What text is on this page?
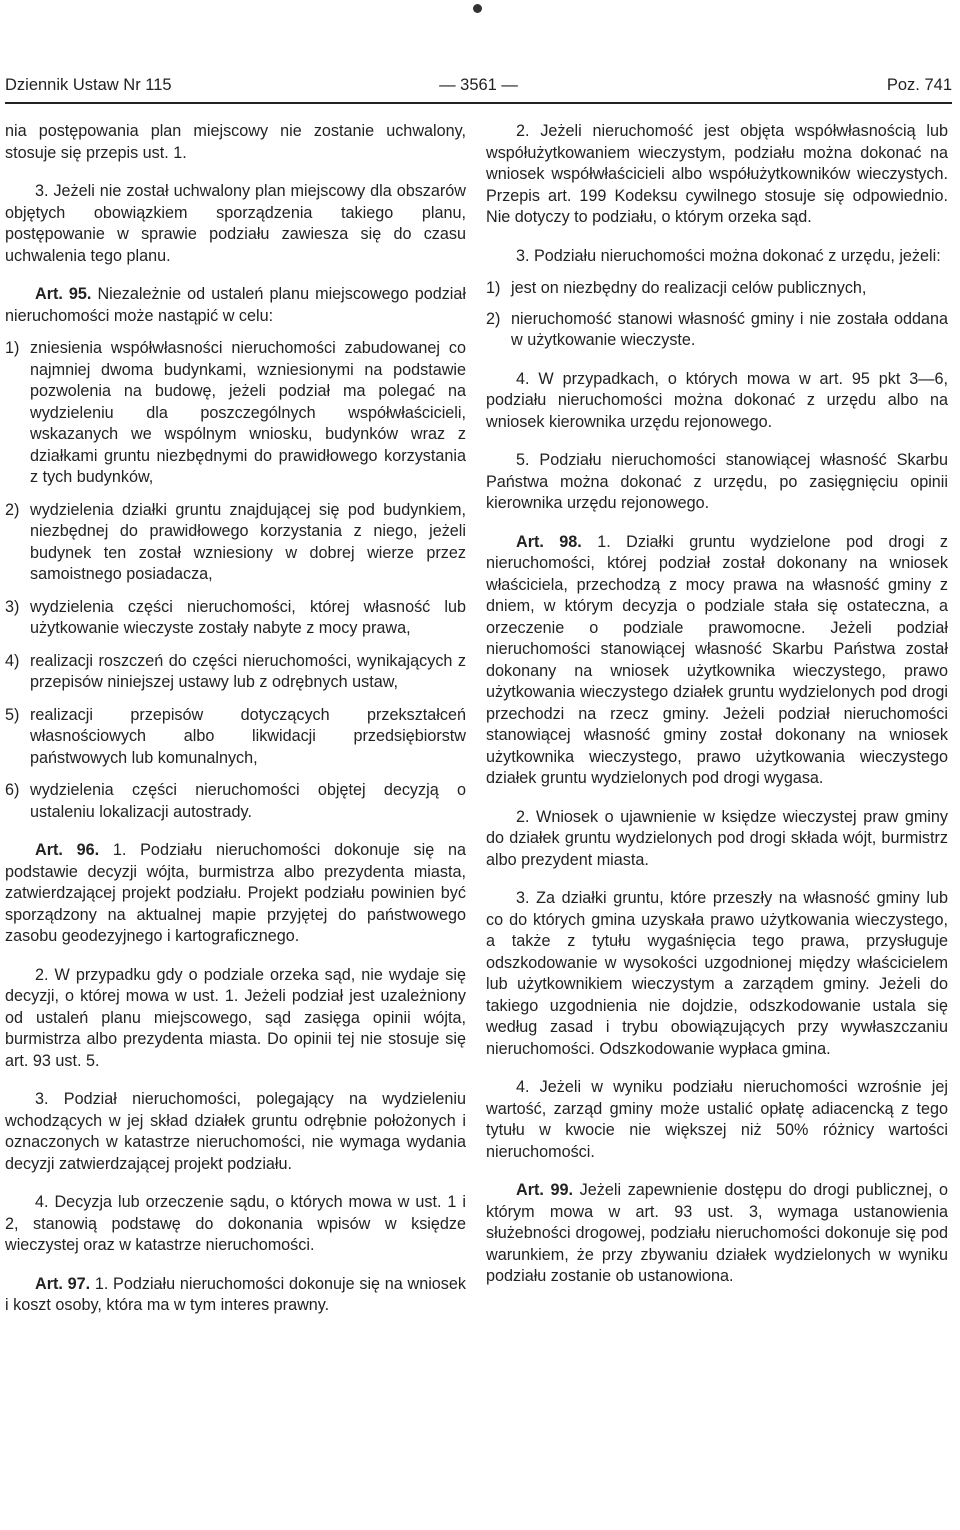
Dziennik Ustaw Nr 115	— 3561 —	Poz. 741

nia postępowania plan miejscowy nie zostanie uchwalony, stosuje się przepis ust. 1.

3. Jeżeli nie został uchwalony plan miejscowy dla obszarów objętych obowiązkiem sporządzenia takiego planu, postępowanie w sprawie podziału zawiesza się do czasu uchwalenia tego planu.

Art. 95. Niezależnie od ustaleń planu miejscowego podział nieruchomości może nastąpić w celu:

1) zniesienia współwłasności nieruchomości zabudowanej co najmniej dwoma budynkami, wzniesionymi na podstawie pozwolenia na budowę, jeżeli podział ma polegać na wydzieleniu dla poszczególnych współwłaścicieli, wskazanych we wspólnym wniosku, budynków wraz z działkami gruntu niezbędnymi do prawidłowego korzystania z tych budynków,
2) wydzielenia działki gruntu znajdującej się pod budynkiem, niezbędnej do prawidłowego korzystania z niego, jeżeli budynek ten został wzniesiony w dobrej wierze przez samoistnego posiadacza,
3) wydzielenia części nieruchomości, której własność lub użytkowanie wieczyste zostały nabyte z mocy prawa,
4) realizacji roszczeń do części nieruchomości, wynikających z przepisów niniejszej ustawy lub z odrębnych ustaw,
5) realizacji przepisów dotyczących przekształceń własnościowych albo likwidacji przedsiębiorstw państwowych lub komunalnych,
6) wydzielenia części nieruchomości objętej decyzją o ustaleniu lokalizacji autostrady.

Art. 96. 1. Podziału nieruchomości dokonuje się na podstawie decyzji wójta, burmistrza albo prezydenta miasta, zatwierdzającej projekt podziału. Projekt podziału powinien być sporządzony na aktualnej mapie przyjętej do państwowego zasobu geodezyjnego i kartograficznego.

2. W przypadku gdy o podziale orzeka sąd, nie wydaje się decyzji, o której mowa w ust. 1. Jeżeli podział jest uzależniony od ustaleń planu miejscowego, sąd zasięga opinii wójta, burmistrza albo prezydenta miasta. Do opinii tej nie stosuje się art. 93 ust. 5.

3. Podział nieruchomości, polegający na wydzieleniu wchodzących w jej skład działek gruntu odrębnie położonych i oznaczonych w katastrze nieruchomości, nie wymaga wydania decyzji zatwierdzającej projekt podziału.

4. Decyzja lub orzeczenie sądu, o których mowa w ust. 1 i 2, stanowią podstawę do dokonania wpisów w księdze wieczystej oraz w katastrze nieruchomości.

Art. 97. 1. Podziału nieruchomości dokonuje się na wniosek i koszt osoby, która ma w tym interes prawny.

2. Jeżeli nieruchomość jest objęta współwłasnością lub współużytkowaniem wieczystym, podziału można dokonać na wniosek współwłaścicieli albo współużytkowników wieczystych. Przepis art. 199 Kodeksu cywilnego stosuje się odpowiednio. Nie dotyczy to podziału, o którym orzeka sąd.

3. Podziału nieruchomości można dokonać z urzędu, jeżeli:

1) jest on niezbędny do realizacji celów publicznych,
2) nieruchomość stanowi własność gminy i nie została oddana w użytkowanie wieczyste.

4. W przypadkach, o których mowa w art. 95 pkt 3—6, podziału nieruchomości można dokonać z urzędu albo na wniosek kierownika urzędu rejonowego.

5. Podziału nieruchomości stanowiącej własność Skarbu Państwa można dokonać z urzędu, po zasięgnięciu opinii kierownika urzędu rejonowego.

Art. 98. 1. Działki gruntu wydzielone pod drogi z nieruchomości, której podział został dokonany na wniosek właściciela, przechodzą z mocy prawa na własność gminy z dniem, w którym decyzja o podziale stała się ostateczna, a orzeczenie o podziale prawomocne. Jeżeli podział nieruchomości stanowiącej własność Skarbu Państwa został dokonany na wniosek użytkownika wieczystego, prawo użytkowania wieczystego działek gruntu wydzielonych pod drogi przechodzi na rzecz gminy. Jeżeli podział nieruchomości stanowiącej własność gminy został dokonany na wniosek użytkownika wieczystego, prawo użytkowania wieczystego działek gruntu wydzielonych pod drogi wygasa.

2. Wniosek o ujawnienie w księdze wieczystej praw gminy do działek gruntu wydzielonych pod drogi składa wójt, burmistrz albo prezydent miasta.

3. Za działki gruntu, które przeszły na własność gminy lub co do których gmina uzyskała prawo użytkowania wieczystego, a także z tytułu wygaśnięcia tego prawa, przysługuje odszkodowanie w wysokości uzgodnionej między właścicielem lub użytkownikiem wieczystym a zarządem gminy. Jeżeli do takiego uzgodnienia nie dojdzie, odszkodowanie ustala się według zasad i trybu obowiązujących przy wywłaszczaniu nieruchomości. Odszkodowanie wypłaca gmina.

4. Jeżeli w wyniku podziału nieruchomości wzrośnie jej wartość, zarząd gminy może ustalić opłatę adiacencką z tego tytułu w kwocie nie większej niż 50% różnicy wartości nieruchomości.

Art. 99. Jeżeli zapewnienie dostępu do drogi publicznej, o którym mowa w art. 93 ust. 3, wymaga ustanowienia służebności drogowej, podziału nieruchomości dokonuje się pod warunkiem, że przy zbywaniu działek wydzielonych w wyniku podziału zostanie ob ustanowiona.
